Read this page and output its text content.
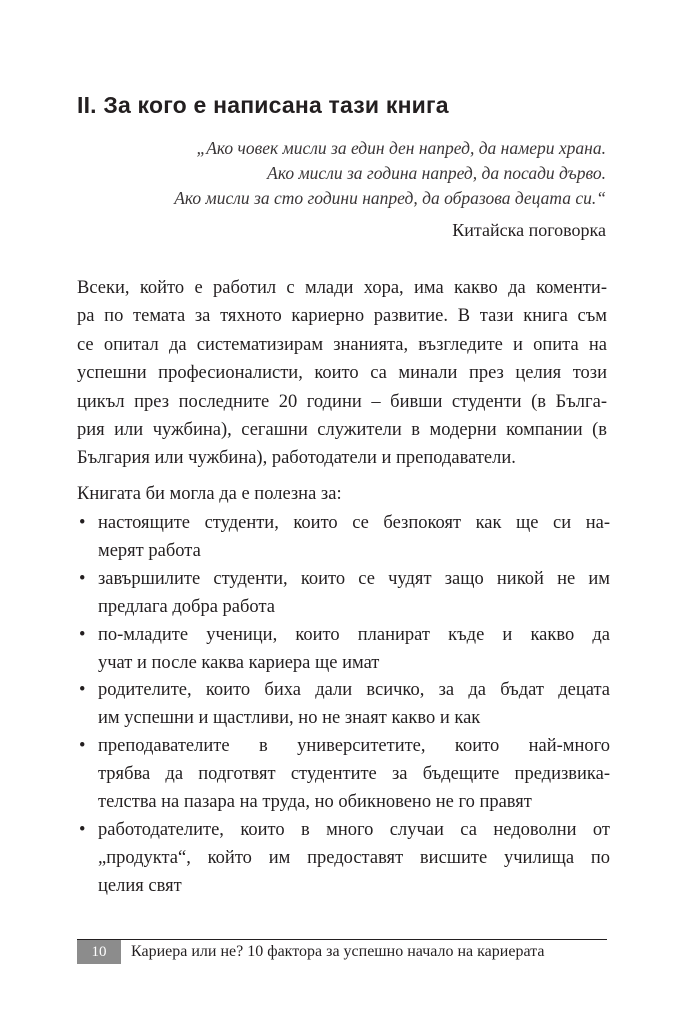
II. За кого е написана тази книга
„Ако човек мисли за един ден напред, да намери храна.
Ако мисли за година напред, да посади дърво.
Ако мисли за сто години напред, да образова децата си.“
Китайска поговорка
Всеки, който е работил с млади хора, има какво да коменти-
ра по темата за тяхното кариерно развитие. В тази книга съм
се опитал да систематизирам знанията, възгледите и опита на
успешни професионалисти, които са минали през целия този
цикъл през последните 20 години – бивши студенти (в Бълга-
рия или чужбина), сегашни служители в модерни компании (в
България или чужбина), работодатели и преподаватели.
Книгата би могла да е полезна за:
• настоящите студенти, които се безпокоят как ще си на-
мерят работа
• завършилите студенти, които се чудят защо никой не им
предлага добра работа
• по-младите ученици, които планират къде и какво да
учат и после каква кариера ще имат
• родителите, които биха дали всичко, за да бъдат децата
им успешни и щастливи, но не знаят какво и как
• преподавателите в университетите, които най-много
трябва да подготвят студентите за бъдещите предизвика-
телства на пазара на труда, но обикновено не го правят
• работодателите, които в много случаи са недоволни от
„продукта“, който им предоставят висшите училища по
целия свят
10	Кариера или не? 10 фактора за успешно начало на кариерата
